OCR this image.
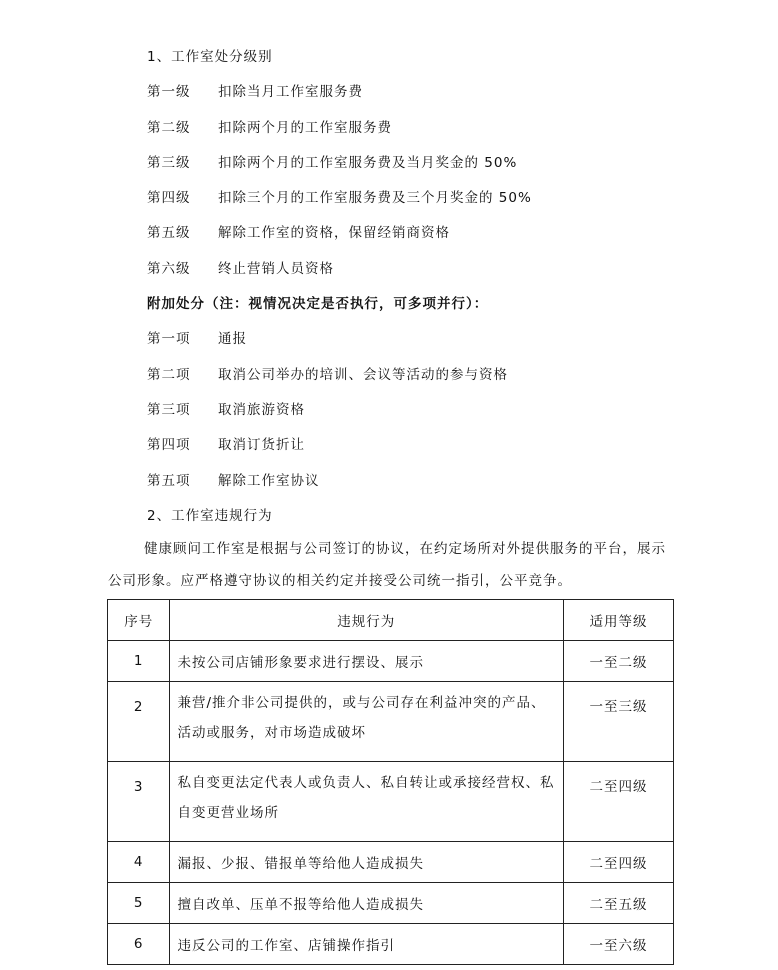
1、工作室处分级别
第一级 扣除当月工作室服务费
第二级 扣除两个月的工作室服务费
第三级 扣除两个月的工作室服务费及当月奖金的 50%
第四级 扣除三个月的工作室服务费及三个月奖金的 50%
第五级 解除工作室的资格，保留经销商资格
第六级 终止营销人员资格
附加处分（注：视情况决定是否执行，可多项并行）：
第一项 通报
第二项 取消公司举办的培训、会议等活动的参与资格
第三项 取消旅游资格
第四项 取消订货折让
第五项 解除工作室协议
2、工作室违规行为
健康顾问工作室是根据与公司签订的协议，在约定场所对外提供服务的平台，展示公司形象。应严格遵守协议的相关约定并接受公司统一指引，公平竞争。
序号	违规行为	适用等级
1	未按公司店铺形象要求进行摆设、展示	一至二级
2	兼营/推介非公司提供的，或与公司存在利益冲突的产品、活动或服务，对市场造成破坏	一至三级
3	私自变更法定代表人或负责人、私自转让或承接经营权、私自变更营业场所	二至四级
4	漏报、少报、错报单等给他人造成损失	二至四级
5	擅自改单、压单不报等给他人造成损失	二至五级
6	违反公司的工作室、店铺操作指引	一至六级
